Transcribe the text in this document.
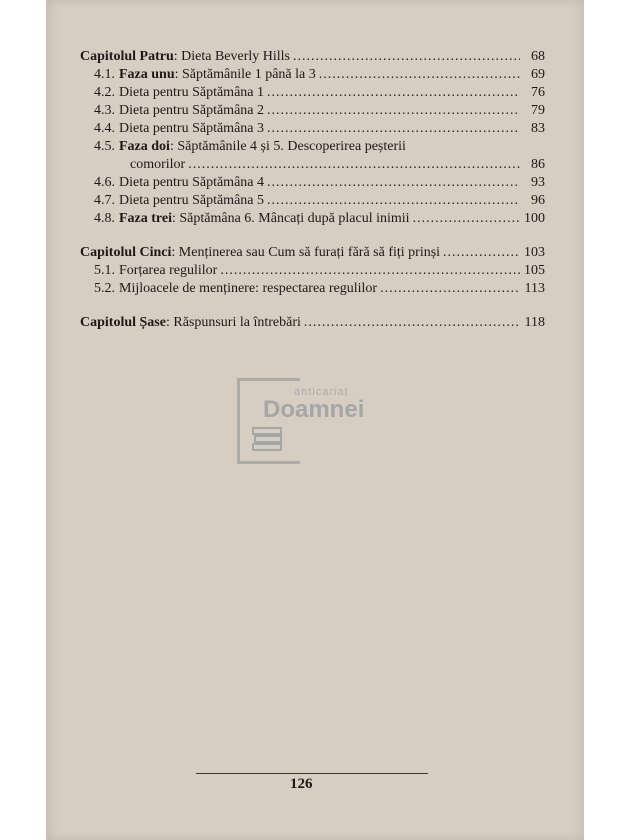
Capitolul Patru : Dieta Beverly Hills .....	68
4.1. Faza unu : Săptămânile 1 până la 3 .....	69
4.2. Dieta pentru Săptămâna 1 .....	76
4.3. Dieta pentru Săptămâna 2 .....	79
4.4. Dieta pentru Săptămâna 3 .....	83
4.5. Faza doi : Săptămânile 4 și 5. Descoperirea peșterii
comorilor .....	86
4.6. Dieta pentru Săptămâna 4 .....	93
4.7. Dieta pentru Săptămâna 5 .....	96
4.8. Faza trei : Săptămâna 6. Mâncați după placul inimii .....	100
Capitolul Cinci : Menținerea sau Cum să furați fără să fiți prinși .....	103
5.1. Forțarea regulilor .....	105
5.2. Mijloacele de menținere: respectarea regulilor .....	113
Capitolul Șase : Răspunsuri la întrebări .....	118
anticariat
Doamnei
126
